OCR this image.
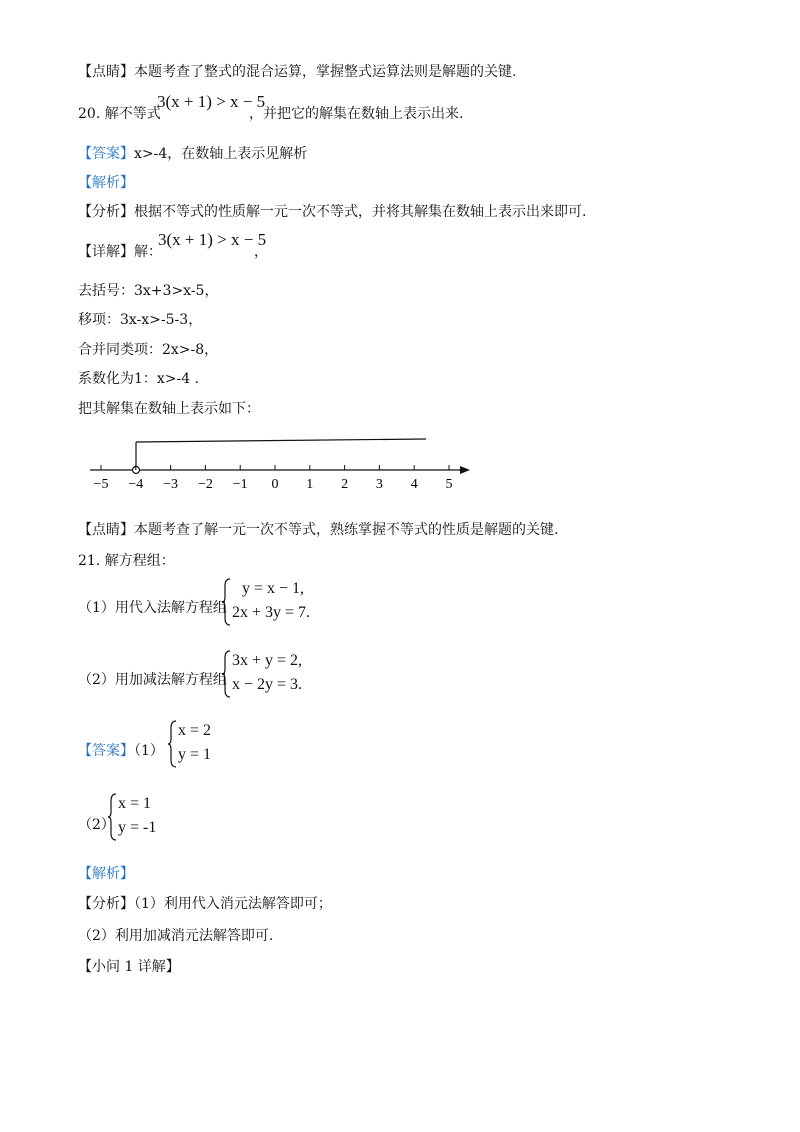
【点睛】本题考查了整式的混合运算，掌握整式运算法则是解题的关键.
20. 解不等式
3(x + 1) > x − 5
，并把它的解集在数轴上表示出来.
【答案】x>-4，在数轴上表示见解析
【解析】
【分析】根据不等式的性质解一元一次不等式，并将其解集在数轴上表示出来即可.
【详解】解：
3(x + 1) > x − 5
，
去括号：3x+3>x-5，
移项：3x-x>-5-3，
合并同类项：2x>-8，
系数化为1：x>-4 ．
把其解集在数轴上表示如下：
−5 −4 −3 −2 −1 0 1 2 3 4 5
【点睛】本题考查了解一元一次不等式，熟练掌握不等式的性质是解题的关键.
21. 解方程组：
（1）用代入法解方程组
y = x − 1,
2x + 3y = 7.
（2）用加减法解方程组
3x + y = 2,
x − 2y = 3.
【答案】（1）
x = 2
y = 1
（2）
x = 1
y = -1
【解析】
【分析】（1）利用代入消元法解答即可；
（2）利用加减消元法解答即可.
【小问 1 详解】
